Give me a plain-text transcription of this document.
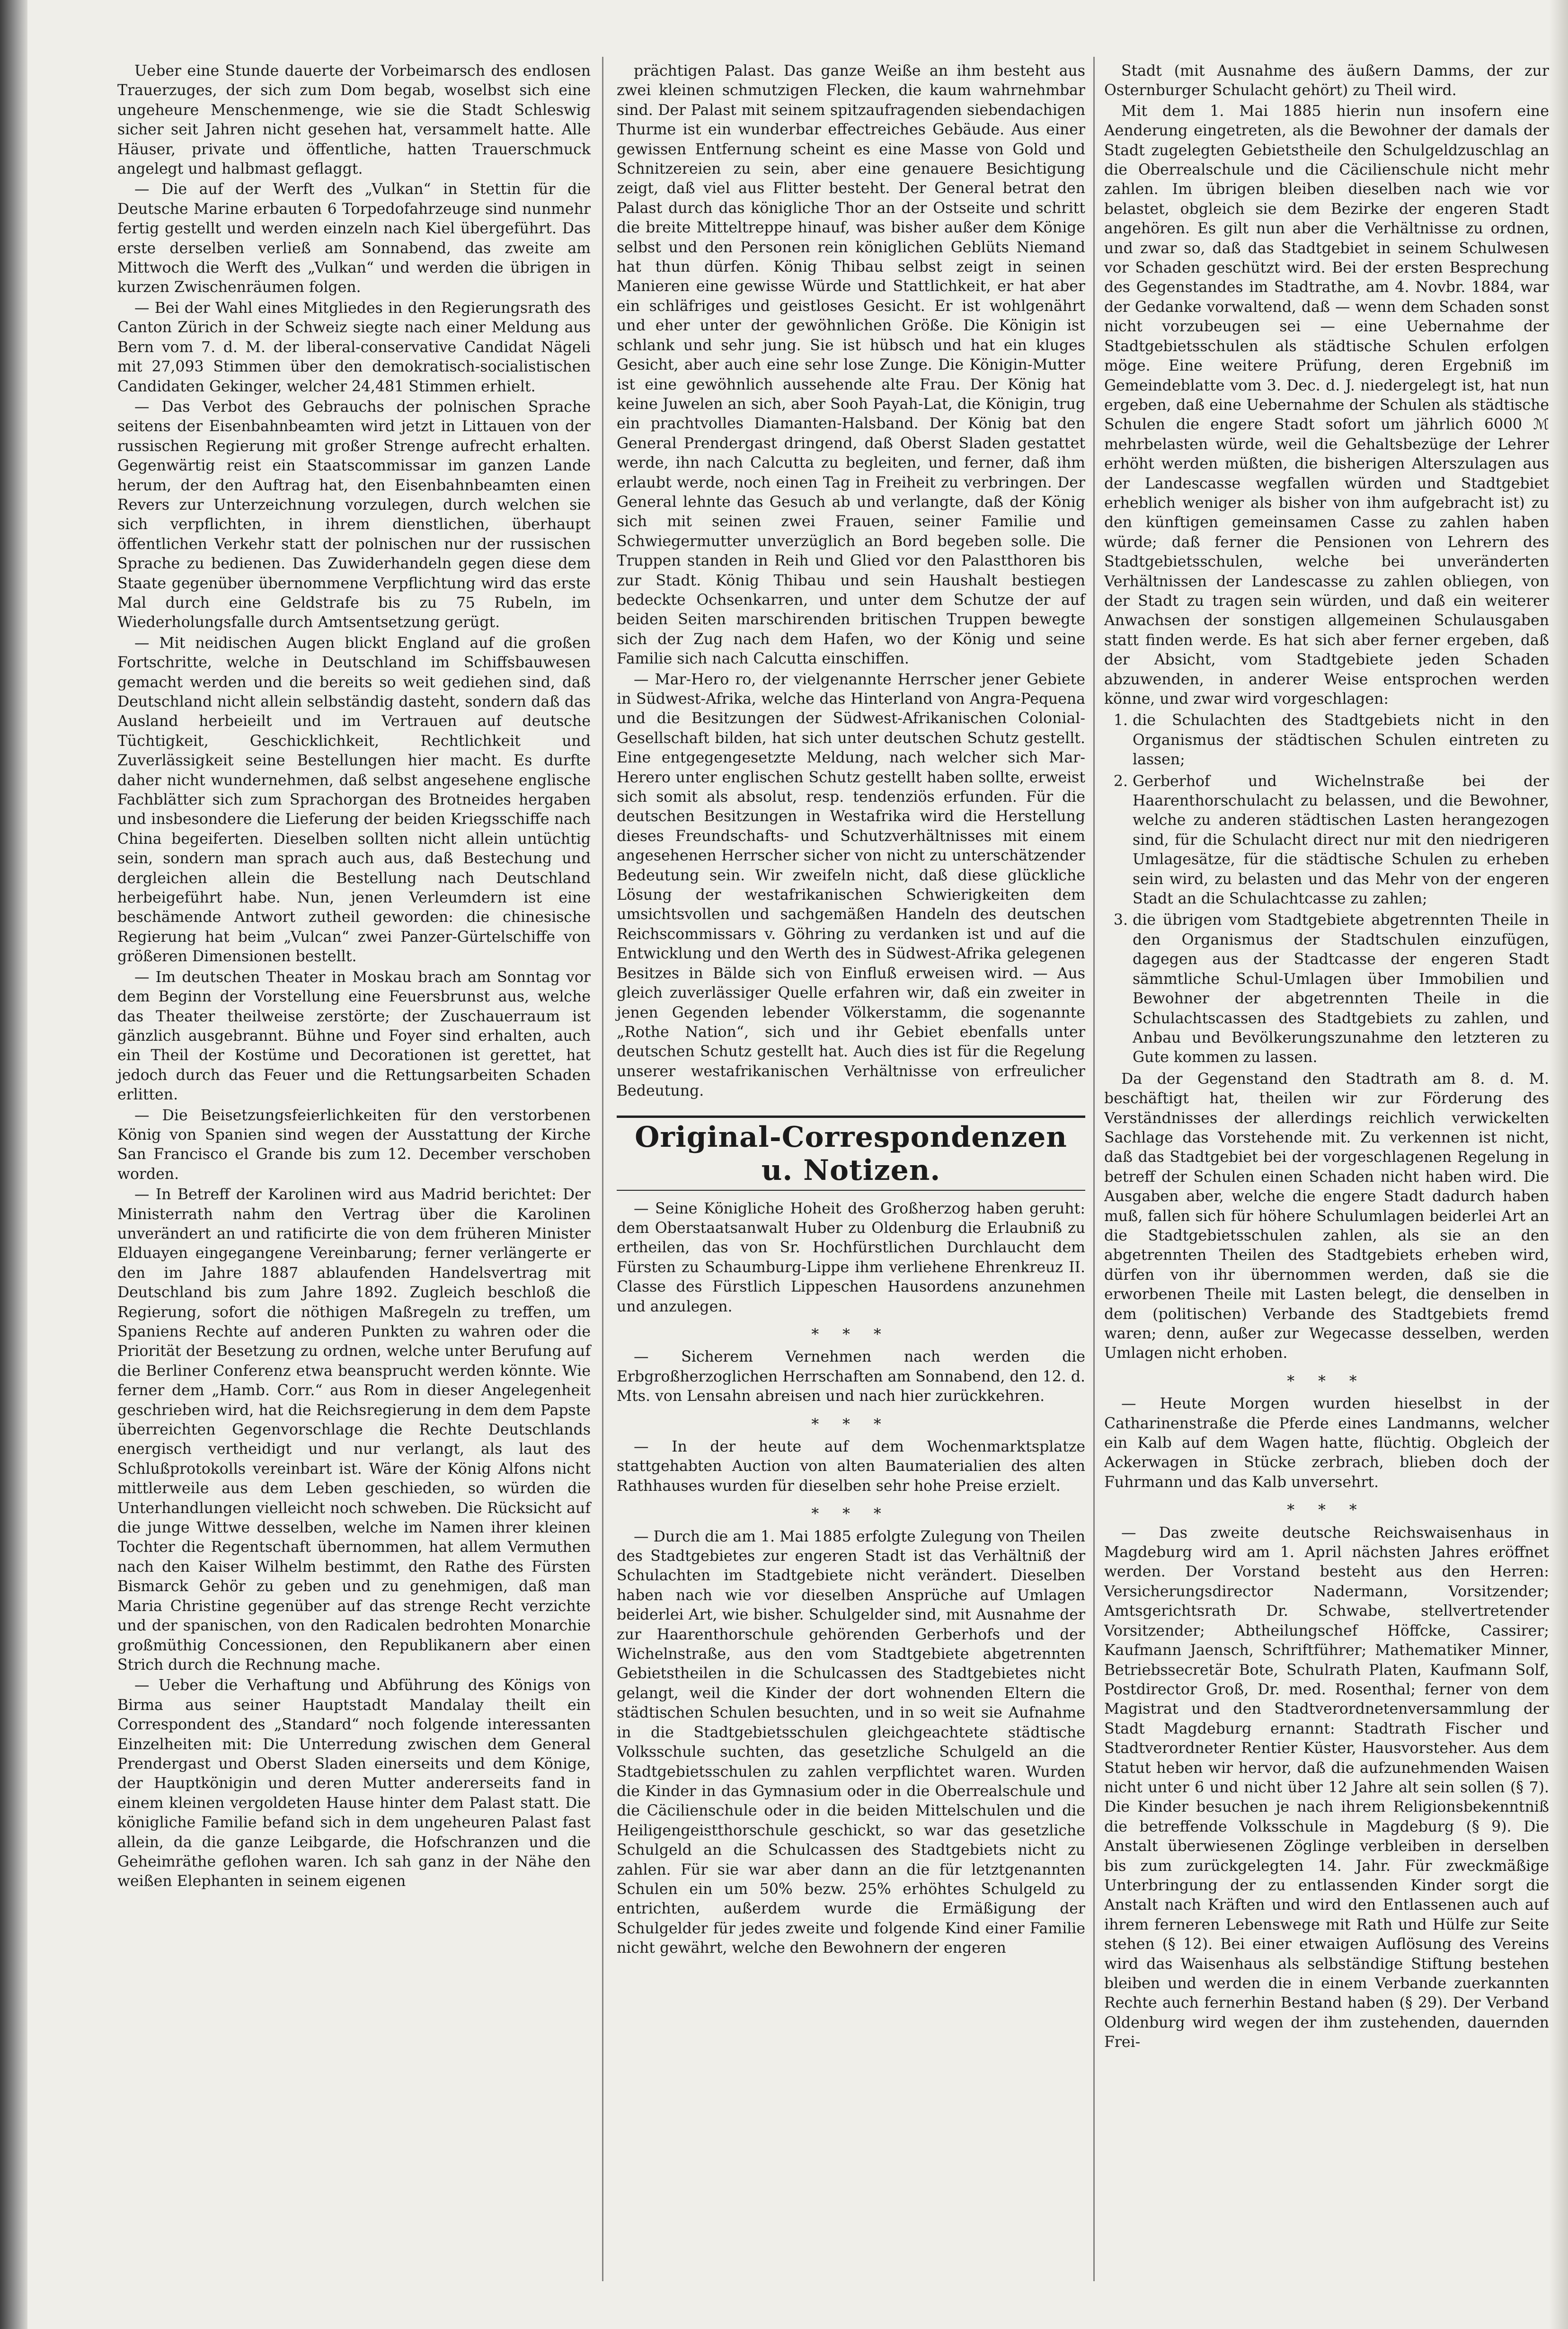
Ueber eine Stunde dauerte der Vorbeimarsch des endlosen Trauerzuges, der sich zum Dom begab, woselbst sich eine ungeheure Menschenmenge, wie sie die Stadt Schleswig sicher seit Jahren nicht gesehen hat, versammelt hatte. Alle Häuser, private und öffentliche, hatten Trauerschmuck angelegt und halbmast geflaggt.

— Die auf der Werft des „Vulkan“ in Stettin für die Deutsche Marine erbauten 6 Torpedofahrzeuge sind nunmehr fertig gestellt und werden einzeln nach Kiel übergeführt. Das erste derselben verließ am Sonnabend, das zweite am Mittwoch die Werft des „Vulkan“ und werden die übrigen in kurzen Zwischenräumen folgen.

— Bei der Wahl eines Mitgliedes in den Regierungsrath des Canton Zürich in der Schweiz siegte nach einer Meldung aus Bern vom 7. d. M. der liberal-conservative Candidat Nägeli mit 27,093 Stimmen über den demokratisch-socialistischen Candidaten Gekinger, welcher 24,481 Stimmen erhielt.

— Das Verbot des Gebrauchs der polnischen Sprache seitens der Eisenbahnbeamten wird jetzt in Littauen von der russischen Regierung mit großer Strenge aufrecht erhalten. Gegenwärtig reist ein Staatscommissar im ganzen Lande herum, der den Auftrag hat, den Eisenbahnbeamten einen Revers zur Unterzeichnung vorzulegen, durch welchen sie sich verpflichten, in ihrem dienstlichen, überhaupt öffentlichen Verkehr statt der polnischen nur der russischen Sprache zu bedienen. Das Zuwiderhandeln gegen diese dem Staate gegenüber übernommene Verpflichtung wird das erste Mal durch eine Geldstrafe bis zu 75 Rubeln, im Wiederholungsfalle durch Amtsentsetzung gerügt.

— Mit neidischen Augen blickt England auf die großen Fortschritte, welche in Deutschland im Schiffsbauwesen gemacht werden und die bereits so weit gediehen sind, daß Deutschland nicht allein selbständig dasteht, sondern daß das Ausland herbeieilt und im Vertrauen auf deutsche Tüchtigkeit, Geschicklichkeit, Rechtlichkeit und Zuverlässigkeit seine Bestellungen hier macht. Es durfte daher nicht wundernehmen, daß selbst angesehene englische Fachblätter sich zum Sprachorgan des Brotneides hergaben und insbesondere die Lieferung der beiden Kriegsschiffe nach China begeiferten. Dieselben sollten nicht allein untüchtig sein, sondern man sprach auch aus, daß Bestechung und dergleichen allein die Bestellung nach Deutschland herbeigeführt habe. Nun, jenen Verleumdern ist eine beschämende Antwort zutheil geworden: die chinesische Regierung hat beim „Vulcan“ zwei Panzer-Gürtelschiffe von größeren Dimensionen bestellt.

— Im deutschen Theater in Moskau brach am Sonntag vor dem Beginn der Vorstellung eine Feuersbrunst aus, welche das Theater theilweise zerstörte; der Zuschauerraum ist gänzlich ausgebrannt. Bühne und Foyer sind erhalten, auch ein Theil der Kostüme und Decorationen ist gerettet, hat jedoch durch das Feuer und die Rettungsarbeiten Schaden erlitten.

— Die Beisetzungsfeierlichkeiten für den verstorbenen König von Spanien sind wegen der Ausstattung der Kirche San Francisco el Grande bis zum 12. December verschoben worden.

— In Betreff der Karolinen wird aus Madrid berichtet: Der Ministerrath nahm den Vertrag über die Karolinen unverändert an und ratificirte die von dem früheren Minister Elduayen eingegangene Vereinbarung; ferner verlängerte er den im Jahre 1887 ablaufenden Handelsvertrag mit Deutschland bis zum Jahre 1892. Zugleich beschloß die Regierung, sofort die nöthigen Maßregeln zu treffen, um Spaniens Rechte auf anderen Punkten zu wahren oder die Priorität der Besetzung zu ordnen, welche unter Berufung auf die Berliner Conferenz etwa beansprucht werden könnte. Wie ferner dem „Hamb. Corr.“ aus Rom in dieser Angelegenheit geschrieben wird, hat die Reichsregierung in dem dem Papste überreichten Gegenvorschlage die Rechte Deutschlands energisch vertheidigt und nur verlangt, als laut des Schlußprotokolls vereinbart ist. Wäre der König Alfons nicht mittlerweile aus dem Leben geschieden, so würden die Unterhandlungen vielleicht noch schweben. Die Rücksicht auf die junge Wittwe desselben, welche im Namen ihrer kleinen Tochter die Regentschaft übernommen, hat allem Vermuthen nach den Kaiser Wilhelm bestimmt, den Rathe des Fürsten Bismarck Gehör zu geben und zu genehmigen, daß man Maria Christine gegenüber auf das strenge Recht verzichte und der spanischen, von den Radicalen bedrohten Monarchie großmüthig Concessionen, den Republikanern aber einen Strich durch die Rechnung mache.

— Ueber die Verhaftung und Abführung des Königs von Birma aus seiner Hauptstadt Mandalay theilt ein Correspondent des „Standard“ noch folgende interessanten Einzelheiten mit: Die Unterredung zwischen dem General Prendergast und Oberst Sladen einerseits und dem Könige, der Hauptkönigin und deren Mutter andererseits fand in einem kleinen vergoldeten Hause hinter dem Palast statt. Die königliche Familie befand sich in dem ungeheuren Palast fast allein, da die ganze Leibgarde, die Hofschranzen und die Geheimräthe geflohen waren. Ich sah ganz in der Nähe den weißen Elephanten in seinem eigenen

prächtigen Palast. Das ganze Weiße an ihm besteht aus zwei kleinen schmutzigen Flecken, die kaum wahrnehmbar sind. Der Palast mit seinem spitzaufragenden siebendachigen Thurme ist ein wunderbar effectreiches Gebäude. Aus einer gewissen Entfernung scheint es eine Masse von Gold und Schnitzereien zu sein, aber eine genauere Besichtigung zeigt, daß viel aus Flitter besteht. Der General betrat den Palast durch das königliche Thor an der Ostseite und schritt die breite Mitteltreppe hinauf, was bisher außer dem Könige selbst und den Personen rein königlichen Geblüts Niemand hat thun dürfen. König Thibau selbst zeigt in seinen Manieren eine gewisse Würde und Stattlichkeit, er hat aber ein schläfriges und geistloses Gesicht. Er ist wohlgenährt und eher unter der gewöhnlichen Größe. Die Königin ist schlank und sehr jung. Sie ist hübsch und hat ein kluges Gesicht, aber auch eine sehr lose Zunge. Die Königin-Mutter ist eine gewöhnlich aussehende alte Frau. Der König hat keine Juwelen an sich, aber Sooh Payah-Lat, die Königin, trug ein prachtvolles Diamanten-Halsband. Der König bat den General Prendergast dringend, daß Oberst Sladen gestattet werde, ihn nach Calcutta zu begleiten, und ferner, daß ihm erlaubt werde, noch einen Tag in Freiheit zu verbringen. Der General lehnte das Gesuch ab und verlangte, daß der König sich mit seinen zwei Frauen, seiner Familie und Schwiegermutter unverzüglich an Bord begeben solle. Die Truppen standen in Reih und Glied vor den Palastthoren bis zur Stadt. König Thibau und sein Haushalt bestiegen bedeckte Ochsenkarren, und unter dem Schutze der auf beiden Seiten marschirenden britischen Truppen bewegte sich der Zug nach dem Hafen, wo der König und seine Familie sich nach Calcutta einschiffen.

— Mar-Hero ro, der vielgenannte Herrscher jener Gebiete in Südwest-Afrika, welche das Hinterland von Angra-Pequena und die Besitzungen der Südwest-Afrikanischen Colonial-Gesellschaft bilden, hat sich unter deutschen Schutz gestellt. Eine entgegengesetzte Meldung, nach welcher sich Mar-Herero unter englischen Schutz gestellt haben sollte, erweist sich somit als absolut, resp. tendenziös erfunden. Für die deutschen Besitzungen in Westafrika wird die Herstellung dieses Freundschafts- und Schutzverhältnisses mit einem angesehenen Herrscher sicher von nicht zu unterschätzender Bedeutung sein. Wir zweifeln nicht, daß diese glückliche Lösung der westafrikanischen Schwierigkeiten dem umsichtsvollen und sachgemäßen Handeln des deutschen Reichscommissars v. Göhring zu verdanken ist und auf die Entwicklung und den Werth des in Südwest-Afrika gelegenen Besitzes in Bälde sich von Einfluß erweisen wird. — Aus gleich zuverlässiger Quelle erfahren wir, daß ein zweiter in jenen Gegenden lebender Völkerstamm, die sogenannte „Rothe Nation“, sich und ihr Gebiet ebenfalls unter deutschen Schutz gestellt hat. Auch dies ist für die Regelung unserer westafrikanischen Verhältnisse von erfreulicher Bedeutung.

Original-Correspondenzen u. Notizen.

— Seine Königliche Hoheit des Großherzog haben geruht: dem Oberstaatsanwalt Huber zu Oldenburg die Erlaubniß zu ertheilen, das von Sr. Hochfürstlichen Durchlaucht dem Fürsten zu Schaumburg-Lippe ihm verliehene Ehrenkreuz II. Classe des Fürstlich Lippeschen Hausordens anzunehmen und anzulegen.

* * *

— Sicherem Vernehmen nach werden die Erbgroßherzoglichen Herrschaften am Sonnabend, den 12. d. Mts. von Lensahn abreisen und nach hier zurückkehren.

* * *

— In der heute auf dem Wochenmarktsplatze stattgehabten Auction von alten Baumaterialien des alten Rathhauses wurden für dieselben sehr hohe Preise erzielt.

* * *

— Durch die am 1. Mai 1885 erfolgte Zulegung von Theilen des Stadtgebietes zur engeren Stadt ist das Verhältniß der Schulachten im Stadtgebiete nicht verändert. Dieselben haben nach wie vor dieselben Ansprüche auf Umlagen beiderlei Art, wie bisher. Schulgelder sind, mit Ausnahme der zur Haarenthorschule gehörenden Gerberhofs und der Wichelnstraße, aus den vom Stadtgebiete abgetrennten Gebietstheilen in die Schulcassen des Stadtgebietes nicht gelangt, weil die Kinder der dort wohnenden Eltern die städtischen Schulen besuchten, und in so weit sie Aufnahme in die Stadtgebietsschulen gleichgeachtete städtische Volksschule suchten, das gesetzliche Schulgeld an die Stadtgebietsschulen zu zahlen verpflichtet waren. Wurden die Kinder in das Gymnasium oder in die Oberrealschule und die Cäcilienschule oder in die beiden Mittelschulen und die Heiligengeistthorschule geschickt, so war das gesetzliche Schulgeld an die Schulcassen des Stadtgebiets nicht zu zahlen. Für sie war aber dann an die für letztgenannten Schulen ein um 50% bezw. 25% erhöhtes Schulgeld zu entrichten, außerdem wurde die Ermäßigung der Schulgelder für jedes zweite und folgende Kind einer Familie nicht gewährt, welche den Bewohnern der engeren

Stadt (mit Ausnahme des äußern Damms, der zur Osternburger Schulacht gehört) zu Theil wird.

Mit dem 1. Mai 1885 hierin nun insofern eine Aenderung eingetreten, als die Bewohner der damals der Stadt zugelegten Gebietstheile den Schulgeldzuschlag an die Oberrealschule und die Cäcilienschule nicht mehr zahlen. Im übrigen bleiben dieselben nach wie vor belastet, obgleich sie dem Bezirke der engeren Stadt angehören. Es gilt nun aber die Verhältnisse zu ordnen, und zwar so, daß das Stadtgebiet in seinem Schulwesen vor Schaden geschützt wird. Bei der ersten Besprechung des Gegenstandes im Stadtrathe, am 4. Novbr. 1884, war der Gedanke vorwaltend, daß — wenn dem Schaden sonst nicht vorzubeugen sei — eine Uebernahme der Stadtgebietsschulen als städtische Schulen erfolgen möge. Eine weitere Prüfung, deren Ergebniß im Gemeindeblatte vom 3. Dec. d. J. niedergelegt ist, hat nun ergeben, daß eine Uebernahme der Schulen als städtische Schulen die engere Stadt sofort um jährlich 6000 ℳ mehrbelasten würde, weil die Gehaltsbezüge der Lehrer erhöht werden müßten, die bisherigen Alterszulagen aus der Landescasse wegfallen würden und Stadtgebiet erheblich weniger als bisher von ihm aufgebracht ist) zu den künftigen gemeinsamen Casse zu zahlen haben würde; daß ferner die Pensionen von Lehrern des Stadtgebietsschulen, welche bei unveränderten Verhältnissen der Landescasse zu zahlen obliegen, von der Stadt zu tragen sein würden, und daß ein weiterer Anwachsen der sonstigen allgemeinen Schulausgaben statt finden werde. Es hat sich aber ferner ergeben, daß der Absicht, vom Stadtgebiete jeden Schaden abzuwenden, in anderer Weise entsprochen werden könne, und zwar wird vorgeschlagen:

1. die Schulachten des Stadtgebiets nicht in den Organismus der städtischen Schulen eintreten zu lassen;
2. Gerberhof und Wichelnstraße bei der Haarenthorschulacht zu belassen, und die Bewohner, welche zu anderen städtischen Lasten herangezogen sind, für die Schulacht direct nur mit den niedrigeren Umlagesätze, für die städtische Schulen zu erheben sein wird, zu belasten und das Mehr von der engeren Stadt an die Schulachtcasse zu zahlen;
3. die übrigen vom Stadtgebiete abgetrennten Theile in den Organismus der Stadtschulen einzufügen, dagegen aus der Stadtcasse der engeren Stadt sämmtliche Schul-Umlagen über Immobilien und Bewohner der abgetrennten Theile in die Schulachtscassen des Stadtgebiets zu zahlen, und Anbau und Bevölkerungszunahme den letzteren zu Gute kommen zu lassen.

Da der Gegenstand den Stadtrath am 8. d. M. beschäftigt hat, theilen wir zur Förderung des Verständnisses der allerdings reichlich verwickelten Sachlage das Vorstehende mit. Zu verkennen ist nicht, daß das Stadtgebiet bei der vorgeschlagenen Regelung in betreff der Schulen einen Schaden nicht haben wird. Die Ausgaben aber, welche die engere Stadt dadurch haben muß, fallen sich für höhere Schulumlagen beiderlei Art an die Stadtgebietsschulen zahlen, als sie an den abgetrennten Theilen des Stadtgebiets erheben wird, dürfen von ihr übernommen werden, daß sie die erworbenen Theile mit Lasten belegt, die denselben in dem (politischen) Verbande des Stadtgebiets fremd waren; denn, außer zur Wegecasse desselben, werden Umlagen nicht erhoben.

* * *

— Heute Morgen wurden hieselbst in der Catharinenstraße die Pferde eines Landmanns, welcher ein Kalb auf dem Wagen hatte, flüchtig. Obgleich der Ackerwagen in Stücke zerbrach, blieben doch der Fuhrmann und das Kalb unversehrt.

* * *

— Das zweite deutsche Reichswaisenhaus in Magdeburg wird am 1. April nächsten Jahres eröffnet werden. Der Vorstand besteht aus den Herren: Versicherungsdirector Nadermann, Vorsitzender; Amtsgerichtsrath Dr. Schwabe, stellvertretender Vorsitzender; Abtheilungschef Höffcke, Cassirer; Kaufmann Jaensch, Schriftführer; Mathematiker Minner, Betriebssecretär Bote, Schulrath Platen, Kaufmann Solf, Postdirector Groß, Dr. med. Rosenthal; ferner von dem Magistrat und den Stadtverordnetenversammlung der Stadt Magdeburg ernannt: Stadtrath Fischer und Stadtverordneter Rentier Küster, Hausvorsteher. Aus dem Statut heben wir hervor, daß die aufzunehmenden Waisen nicht unter 6 und nicht über 12 Jahre alt sein sollen (§ 7). Die Kinder besuchen je nach ihrem Religionsbekenntniß die betreffende Volksschule in Magdeburg (§ 9). Die Anstalt überwiesenen Zöglinge verbleiben in derselben bis zum zurückgelegten 14. Jahr. Für zweckmäßige Unterbringung der zu entlassenden Kinder sorgt die Anstalt nach Kräften und wird den Entlassenen auch auf ihrem ferneren Lebenswege mit Rath und Hülfe zur Seite stehen (§ 12). Bei einer etwaigen Auflösung des Vereins wird das Waisenhaus als selbständige Stiftung bestehen bleiben und werden die in einem Verbande zuerkannten Rechte auch fernerhin Bestand haben (§ 29). Der Verband Oldenburg wird wegen der ihm zustehenden, dauernden Frei-
